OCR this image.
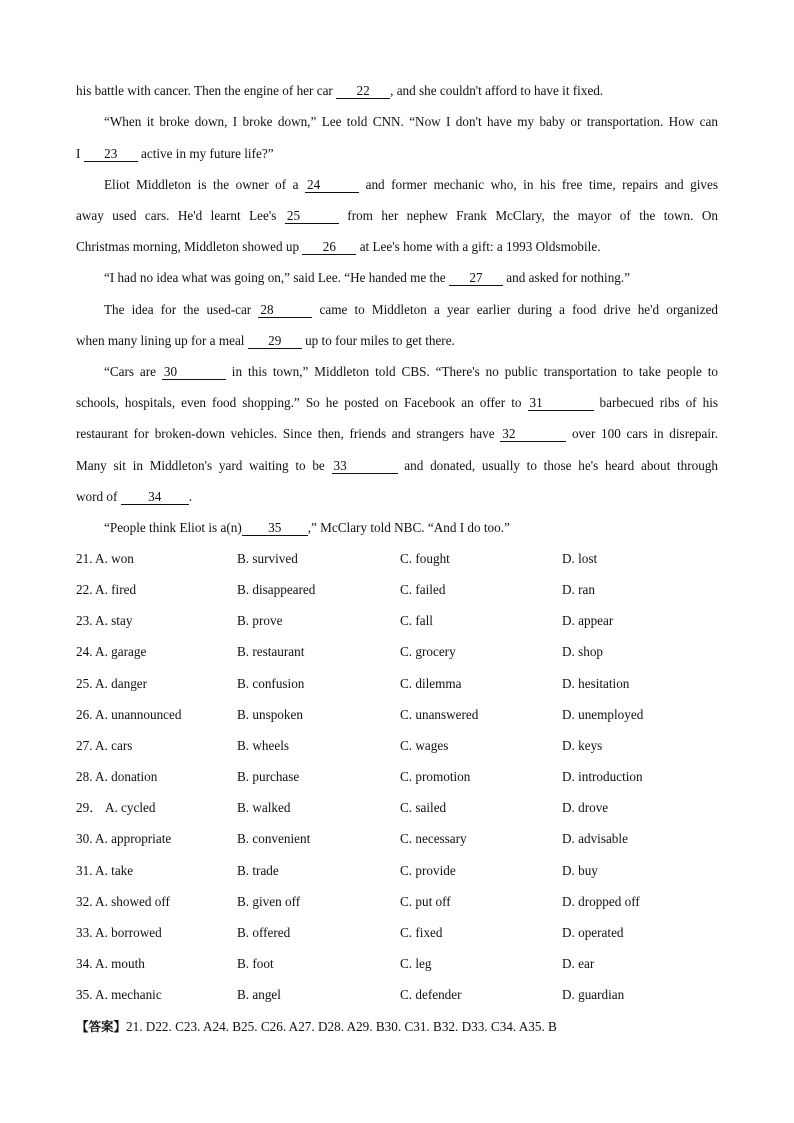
his battle with cancer. Then the engine of her car 22 , and she couldn't afford to have it fixed.
“When it broke down, I broke down,” Lee told CNN. “Now I don't have my baby or transportation. How can
I 23 active in my future life?”
Eliot Middleton is the owner of a 24	and former mechanic who, in his free time, repairs and gives
away used cars. He'd learnt Lee's 25	from her nephew Frank McClary, the mayor of the town. On
Christmas morning, Middleton showed up 26 at Lee's home with a gift: a 1993 Oldsmobile.
“I had no idea what was going on,” said Lee. “He handed me the 27 and asked for nothing.”
The idea for the used-car 28	came to Middleton a year earlier during a food drive he'd organized
when many lining up for a meal 29 up to four miles to get there.
“Cars are 30	in this town,” Middleton told CBS. “There's no public transportation to take people to
schools, hospitals, even food shopping.” So he posted on Facebook an offer to 31	barbecued ribs of his
restaurant for broken-down vehicles. Since then, friends and strangers have 32	over 100 cars in disrepair.
Many sit in Middleton's yard waiting to be 33	and donated, usually to those he's heard about through
word of 34 .
“People think Eliot is a(n) 35 ,” McClary told NBC. “And I do too.”
21. A. won	B. survived	C. fought	D. lost
22. A. fired	B. disappeared	C. failed	D. ran
23. A. stay	B. prove	C. fall	D. appear
24. A. garage	B. restaurant	C. grocery	D. shop
25. A. danger	B. confusion	C. dilemma	D. hesitation
26. A. unannounced	B. unspoken	C. unanswered	D. unemployed
27. A. cars	B. wheels	C. wages	D. keys
28. A. donation	B. purchase	C. promotion	D. introduction
29． A. cycled	B. walked	C. sailed	D. drove
30. A. appropriate	B. convenient	C. necessary	D. advisable
31. A. take	B. trade	C. provide	D. buy
32. A. showed off	B. given off	C. put off	D. dropped off
33. A. borrowed	B. offered	C. fixed	D. operated
34. A. mouth	B. foot	C. leg	D. ear
35. A. mechanic	B. angel	C. defender	D. guardian
【答案】21. D22. C23. A24. B25. C26. A27. D28. A29. B30. C31. B32. D33. C34. A35. B
